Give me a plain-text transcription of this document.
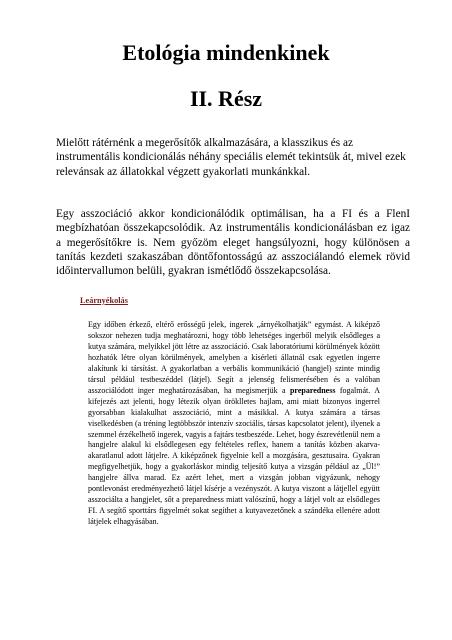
Etológia mindenkinek
II. Rész

Mielőtt rátérnénk a megerősítők alkalmazására, a klasszikus és az instrumentális kondicionálás néhány speciális elemét tekintsük át, mivel ezek relevánsak az állatokkal végzett gyakorlati munkánkkal.

Egy asszociáció akkor kondicionálódik optimálisan, ha a FI és a FlenI megbízhatóan összekapcsolódik. Az instrumentális kondicionálásban ez igaz a megerősítőkre is. Nem győzöm eleget hangsúlyozni, hogy különösen a tanítás kezdeti szakaszában döntőfontosságú az asszociálandó elemek rövid időintervallumon belüli, gyakran ismétlődő összekapcsolása.

Leárnyékolás

Egy időben érkező, eltérő erősségű jelek, ingerek „árnyékolhatják” egymást. A kiképző sokszor nehezen tudja meghatározni, hogy több lehetséges ingerből melyik elsődleges a kutya számára, melyikkel jött létre az asszociáció. Csak laboratóriumi körülmények között hozhatók létre olyan körülmények, amelyben a kísérleti állatnál csak egyetlen ingerre alakítunk ki társítást. A gyakorlatban a verbális kommunikáció (hangjel) szinte mindig társul például testbeszéddel (látjel). Segít a jelenség felismerésében és a valóban asszociálódott inger meghatározásában, ha megismerjük a preparedness fogalmát. A kifejezés azt jelenti, hogy létezik olyan öröklletes hajlam, ami miatt bizonyos ingerrel gyorsabban kialakulhat asszociáció, mint a másikkal. A kutya számára a társas viselkedésben (a tréning legtöbbször intenzív szociális, társas kapcsolatot jelent), ilyenek a szemmel érzékelhető ingerek, vagyis a fajtárs testbeszéde. Lehet, hogy észrevétlenül nem a hangjelre alakul ki elsődlegesen egy feltételes reflex, hanem a tanítás közben akarva-akaratlanul adott látjelre. A kiképzőnek figyelnie kell a mozgására, gesztusaira. Gyakran megfigyelhetjük, hogy a gyakorláskor mindig teljesítő kutya a vizsgán például az „Ül!” hangjelre állva marad. Ez azért lehet, mert a vizsgán jobban vigyázunk, nehogy pontlevonást eredményezhető látjel kísérje a vezényszót. A kutya viszont a látjellel együtt asszociálta a hangjelet, sőt a preparedness miatt valószínű, hogy a látjel volt az elsődleges FI. A segítő sporttárs figyelmét sokat segíthet a kutyavezetőnek a szándéka ellenére adott látjelek elhagyásában.
